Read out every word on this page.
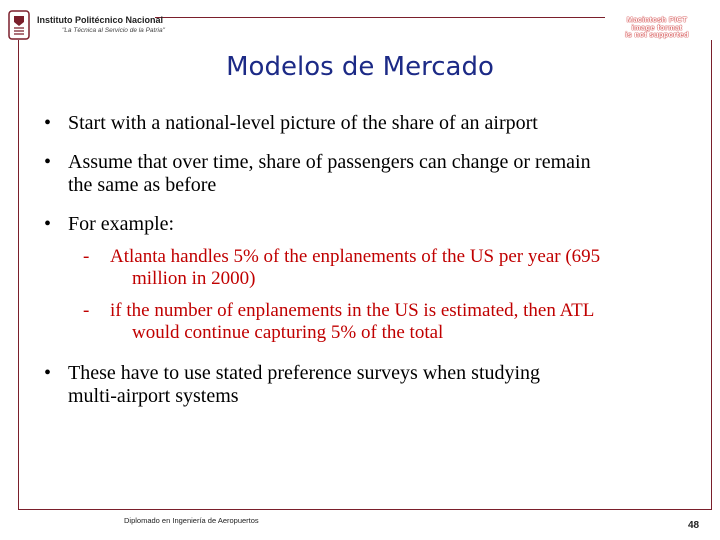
Instituto Politécnico Nacional
"La Técnica al Servicio de la Patria"
Macintosh PICT
image format
is not supported
Modelos de Mercado
• Start with a national-level picture of the share of an airport
• Assume that over time, share of passengers can change or remain
the same as before
• For example:
- Atlanta handles 5% of the enplanements of the US per year (695
million in 2000)
- if the number of enplanements in the US is estimated, then ATL
would continue capturing 5% of the total
• These have to use stated preference surveys when studying
multi-airport systems
Diplomado en Ingeniería de Aeropuertos	48
